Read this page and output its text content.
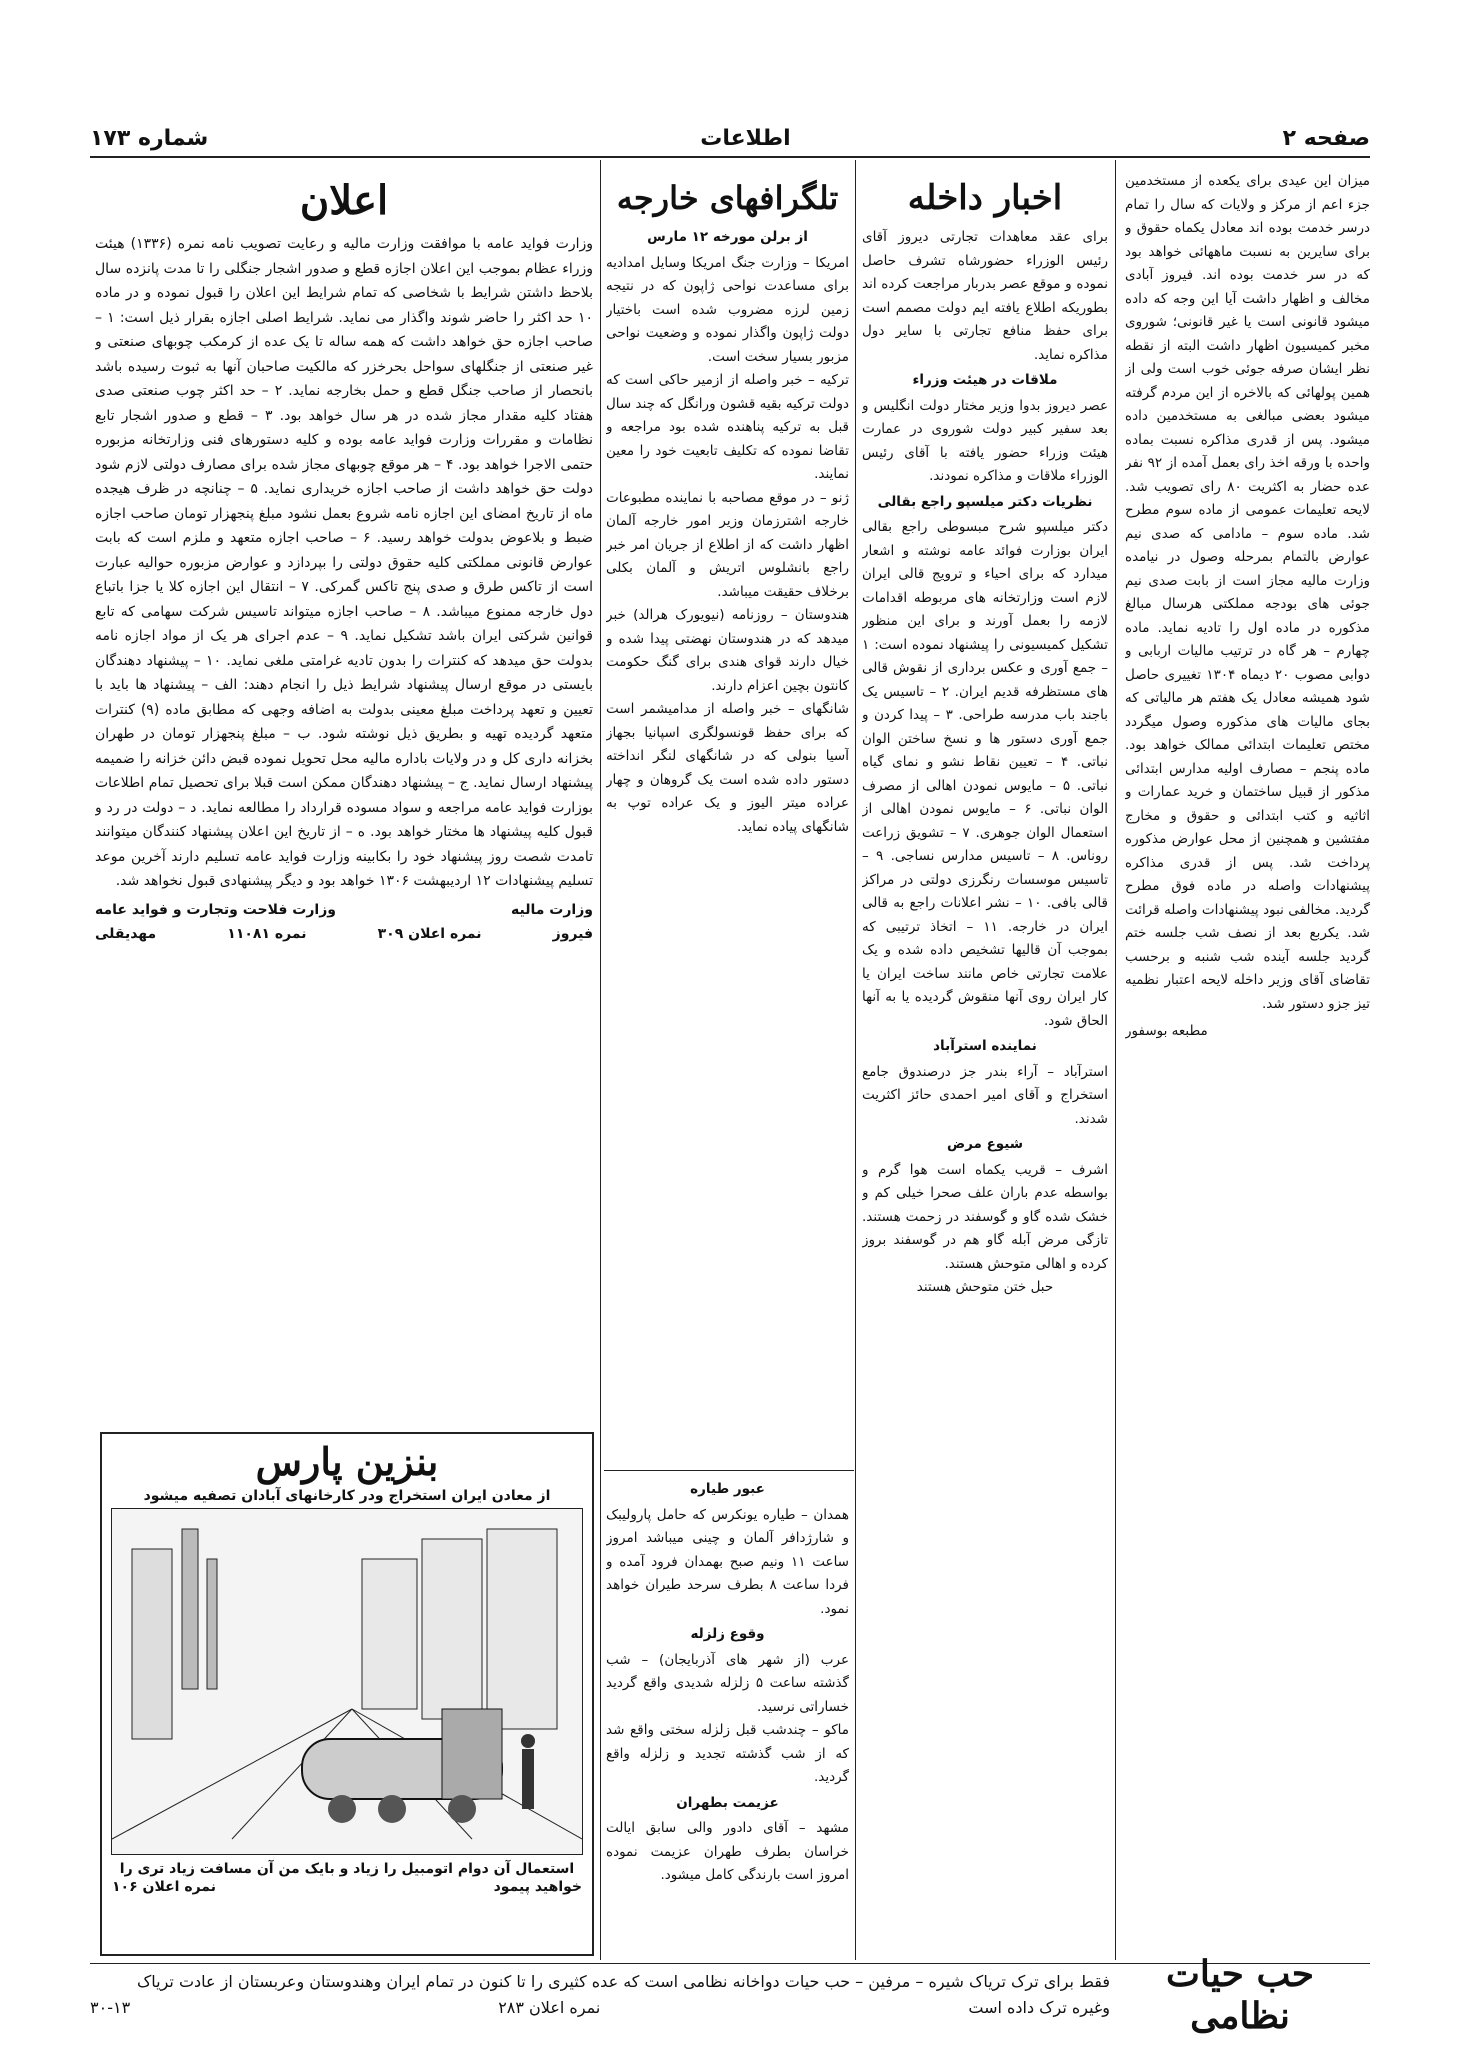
صفحه ۲
اطلاعات
شماره ۱۷۳

میزان این عیدی برای یکعده از مستخدمین جزء اعم از مرکز و ولایات که سال را تمام درسر خدمت بوده اند معادل یکماه حقوق و برای سایرین به نسبت ماههائی خواهد بود که در سر خدمت بوده اند. فیروز آبادی مخالف و اظهار داشت آیا این وجه که داده میشود قانونی است یا غیر قانونی؛ شوروی مخبر کمیسیون اظهار داشت البته از نقطه نظر ایشان صرفه جوئی خوب است ولی از همین پولهائی که بالاخره از این مردم گرفته میشود بعضی مبالغی به مستخدمین داده میشود. پس از قدری مذاکره نسبت بماده واحده با ورقه اخذ رای بعمل آمده از ۹۲ نفر عده حضار به اکثریت ۸۰ رای تصویب شد. لایحه تعلیمات عمومی از ماده سوم مطرح شد. ماده سوم – مادامی که صدی نیم عوارض بالتمام بمرحله وصول در نیامده وزارت مالیه مجاز است از بابت صدی نیم جوئی های بودجه مملکتی هرسال مبالغ مذکوره در ماده اول را تادیه نماید. ماده چهارم – هر گاه در ترتیب مالیات اربابی و دوابی مصوب ۲۰ دیماه ۱۳۰۴ تغییری حاصل شود همیشه معادل یک هفتم هر مالیاتی که بجای مالیات های مذکوره وصول میگردد مختص تعلیمات ابتدائی ممالک خواهد بود. ماده پنجم – مصارف اولیه مدارس ابتدائی مذکور از قبیل ساختمان و خرید عمارات و اثاثیه و کتب ابتدائی و حقوق و مخارج مفتشین و همچنین از محل عوارض مذکوره پرداخت شد. پس از قدری مذاکره پیشنهادات واصله در ماده فوق مطرح گردید. مخالفی نبود پیشنهادات واصله قرائت شد. یکربع بعد از نصف شب جلسه ختم گردید جلسه آینده شب شنبه و برحسب تقاضای آقای وزیر داخله لایحه اعتبار نظمیه تیز جزو دستور شد.

مطبعه بوسفور

اخبار داخله

برای عقد معاهدات تجارتی دیروز آقای رئیس الوزراء حضورشاه تشرف حاصل نموده و موقع عصر بدربار مراجعت کرده اند بطوریکه اطلاع یافته ایم دولت مصمم است برای حفظ منافع تجارتی با سایر دول مذاکره نماید.

ملاقات در هیئت وزراء

عصر دیروز بدوا وزیر مختار دولت انگلیس و بعد سفیر کبیر دولت شوروی در عمارت هیئت وزراء حضور یافته با آقای رئیس الوزراء ملاقات و مذاکره نمودند.

نظریات دکتر میلسپو راجع بقالی

دکتر میلسپو شرح مبسوطی راجع بقالی ایران بوزارت فوائد عامه نوشته و اشعار میدارد که برای احیاء و ترویج قالی ایران لازم است وزارتخانه های مربوطه اقدامات لازمه را بعمل آورند و برای این منظور تشکیل کمیسیونی را پیشنهاد نموده است: ۱ – جمع آوری و عکس برداری از نقوش قالی های مستظرفه قدیم ایران. ۲ – تاسیس یک باجند باب مدرسه طراحی. ۳ – پیدا کردن و جمع آوری دستور ها و نسخ ساختن الوان نباتی. ۴ – تعیین نقاط نشو و نمای گیاه نباتی. ۵ – مایوس نمودن اهالی از مصرف الوان نباتی. ۶ – مایوس نمودن اهالی از استعمال الوان جوهری. ۷ – تشویق زراعت روناس. ۸ – تاسیس مدارس نساجی. ۹ – تاسیس موسسات رنگرزی دولتی در مراکز قالی بافی. ۱۰ – نشر اعلانات راجع به قالی ایران در خارجه. ۱۱ – اتخاذ ترتیبی که بموجب آن قالیها تشخیص داده شده و یک علامت تجارتی خاص مانند ساخت ایران یا کار ایران روی آنها منقوش گردیده یا به آنها الحاق شود.

نماینده استرآباد

استرآباد – آراء بندر جز درصندوق جامع استخراج و آقای امیر احمدی حائز اکثریت شدند.

شیوع مرض

اشرف – قریب یکماه است هوا گرم و بواسطه عدم باران علف صحرا خیلی کم و خشک شده گاو و گوسفند در زحمت هستند. تازگی مرض آبله گاو هم در گوسفند بروز کرده و اهالی متوحش هستند.

حبل ختن متوحش هستند

تلگرافهای خارجه
از برلن مورخه ۱۲ مارس

امریکا – وزارت جنگ امریکا وسایل امدادیه برای مساعدت نواحی ژاپون که در نتیجه زمین لرزه مضروب شده است باختیار دولت ژاپون واگذار نموده و وضعیت نواحی مزبور بسیار سخت است.

ترکیه – خبر واصله از ازمیر حاکی است که دولت ترکیه بقیه قشون ورانگل که چند سال قبل به ترکیه پناهنده شده بود مراجعه و تقاضا نموده که تکلیف تابعیت خود را معین نمایند.

ژنو – در موقع مصاحبه با نماینده مطبوعات خارجه اشترزمان وزیر امور خارجه آلمان اظهار داشت که از اطلاع از جریان امر خبر راجع بانشلوس اتریش و آلمان بکلی برخلاف حقیقت میباشد.

هندوستان – روزنامه (نیویورک هرالد) خبر میدهد که در هندوستان نهضتی پیدا شده و خیال دارند قوای هندی برای گنگ حکومت کانتون بچین اعزام دارند.

شانگهای – خبر واصله از مدامیشمر است که برای حفظ قونسولگری اسپانیا بجهاز آسیا بنولی که در شانگهای لنگر انداخته دستور داده شده است یک گروهان و چهار عراده میتر الیوز و یک عراده توپ به شانگهای پیاده نماید.

عبور طیاره

همدان – طیاره یونکرس که حامل پارولیبک و شارژدافر آلمان و چینی میباشد امروز ساعت ۱۱ ونیم صبح بهمدان فرود آمده و فردا ساعت ۸ بطرف سرحد طیران خواهد نمود.

وقوع زلزله

عرب (از شهر های آذربایجان) – شب گذشته ساعت ۵ زلزله شدیدی واقع گردید خساراتی نرسید.

ماکو – چندشب قبل زلزله سختی واقع شد که از شب گذشته تجدید و زلزله واقع گردید.

عزیمت بطهران

مشهد – آقای دادور والی سابق ایالت خراسان بطرف طهران عزیمت نموده امروز است بارندگی کامل میشود.

اعلان

وزارت فواید عامه با موافقت وزارت مالیه و رعایت تصویب نامه نمره (۱۳۳۶) هیئت وزراء عظام بموجب این اعلان اجازه قطع و صدور اشجار جنگلی را تا مدت پانزده سال بلاحظ داشتن شرایط با شخاصی که تمام شرایط این اعلان را قبول نموده و در ماده ۱۰ حد اکثر را حاضر شوند واگذار می نماید. شرایط اصلی اجازه بقرار ذیل است: ۱ – صاحب اجازه حق خواهد داشت که همه ساله تا یک عده از کرمکب چوبهای صنعتی و غیر صنعتی از جنگلهای سواحل بحرخزر که مالکیت صاحبان آنها به ثبوت رسیده باشد بانحصار از صاحب جنگل قطع و حمل بخارجه نماید. ۲ – حد اکثر چوب صنعتی صدی هفتاد کلیه مقدار مجاز شده در هر سال خواهد بود. ۳ – قطع و صدور اشجار تابع نظامات و مقررات وزارت فواید عامه بوده و کلیه دستورهای فنی وزارتخانه مزبوره حتمی الاجرا خواهد بود. ۴ – هر موقع چوبهای مجاز شده برای مصارف دولتی لازم شود دولت حق خواهد داشت از صاحب اجازه خریداری نماید. ۵ – چنانچه در ظرف هیجده ماه از تاریخ امضای این اجازه نامه شروع بعمل نشود مبلغ پنجهزار تومان صاحب اجازه ضبط و بلاعوض بدولت خواهد رسید. ۶ – صاحب اجازه متعهد و ملزم است که بابت عوارض قانونی مملکتی کلیه حقوق دولتی را بپردازد و عوارض مزبوره حوالیه عبارت است از تاکس طرق و صدی پنج تاکس گمرکی. ۷ – انتقال این اجازه کلا یا جزا باتباع دول خارجه ممنوع میباشد. ۸ – صاحب اجازه میتواند تاسیس شرکت سهامی که تابع قوانین شرکتی ایران باشد تشکیل نماید. ۹ – عدم اجرای هر یک از مواد اجازه نامه بدولت حق میدهد که کنترات را بدون تادیه غرامتی ملغی نماید. ۱۰ – پیشنهاد دهندگان بایستی در موقع ارسال پیشنهاد شرایط ذیل را انجام دهند: الف – پیشنهاد ها باید با تعیین و تعهد پرداخت مبلغ معینی بدولت به اضافه وجهی که مطابق ماده (۹) کنترات متعهد گردیده تهیه و بطریق ذیل نوشته شود. ب – مبلغ پنجهزار تومان در طهران بخزانه داری کل و در ولایات باداره مالیه محل تحویل نموده قبض دائن خزانه را ضمیمه پیشنهاد ارسال نماید. ج – پیشنهاد دهندگان ممکن است قبلا برای تحصیل تمام اطلاعات بوزارت فواید عامه مراجعه و سواد مسوده قرارداد را مطالعه نماید. د – دولت در رد و قبول کلیه پیشنهاد ها مختار خواهد بود. ه – از تاریخ این اعلان پیشنهاد کنندگان میتوانند تامدت شصت روز پیشنهاد خود را بکابینه وزارت فواید عامه تسلیم دارند آخرین موعد تسلیم پیشنهادات ۱۲ اردیبهشت ۱۳۰۶ خواهد بود و دیگر پیشنهادی قبول نخواهد شد.

وزارت مالیه
وزارت فلاحت وتجارت و فواید عامه
فیروز
نمره اعلان ۳۰۹
نمره ۱۱۰۸۱
مهدیقلی
بنزین پارس
از معادن ایران استخراج ودر کارخانهای آبادان تصفیه میشود
استعمال آن دوام اتومبیل را زیاد و بایک من آن مسافت زیاد تری را
خواهید پیمود
نمره اعلان ۱۰۶
حب حیات نظامی
فقط برای ترک تریاک شیره – مرفین – حب حیات دواخانه نظامی است که عده کثیری را تا کنون در تمام ایران وهندوستان وعربستان از عادت تریاک
وغیره ترک داده است
نمره اعلان ۲۸۳
۳۰-۱۳
